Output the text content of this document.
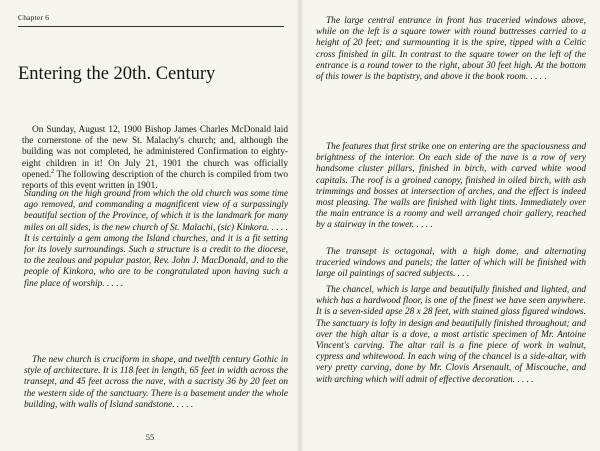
Chapter 6

Entering the 20th. Century

On Sunday, August 12, 1900 Bishop James Charles McDonald laid the cornerstone of the new St. Malachy's church; and, although the building was not completed, he administered Confirmation to eighty-eight children in it! On July 21, 1901 the church was officially opened.$^2$ The following description of the church is compiled from two reports of this event written in 1901.

Standing on the high ground from which the old church was some time ago removed, and commanding a magnificent view of a surpassingly beautiful section of the Province, of which it is the landmark for many miles on all sides, is the new church of St. Malachi, (sic) Kinkora. . . . . It is certainly a gem among the Island churches, and it is a fit setting for its lovely surroundings. Such a structure is a credit to the diocese, to the zealous and popular pastor, Rev. John J. MacDonald, and to the people of Kinkora, who are to be congratulated upon having such a fine place of worship. . . . .

The new church is cruciform in shape, and twelfth century Gothic in style of architecture. It is 118 feet in length, 65 feet in width across the transept, and 45 feet across the nave, with a sacristy 36 by 20 feet on the western side of the sanctuary. There is a basement under the whole building, with walls of Island sandstone. . . . .

55

The large central entrance in front has traceried windows above, while on the left is a square tower with round buttresses carried to a height of 20 feet; and surmounting it is the spire, tipped with a Celtic cross finished in gilt. In contrast to the square tower on the left of the entrance is a round tower to the right, about 30 feet high. At the bottom of this tower is the baptistry, and above it the book room. . . . .

The features that first strike one on entering are the spaciousness and brightness of the interior. On each side of the nave is a row of very handsome cluster pillars, finished in birch, with carved white wood capitals. The roof is a groined canopy, finished in oiled birch, with ash trimmings and bosses at intersection of arches, and the effect is indeed most pleasing. The walls are finished with light tints. Immediately over the main entrance is a roomy and well arranged choir gallery, reached by a stairway in the tower. . . . .

The transept is octagonal, with a high dome, and alternating traceried windows and panels; the latter of which will be finished with large oil paintings of sacred subjects. . . .

The chancel, which is large and beautifully finished and lighted, and which has a hardwood floor, is one of the finest we have seen anywhere. It is a seven-sided apse 28 x 28 feet, with stained glass figured windows. The sanctuary is lofty in design and beautifully finished throughout; and over the high altar is a dove, a most artistic specimen of Mr. Antoine Vincent's carving. The altar rail is a fine piece of work in walnut, cypress and whitewood. In each wing of the chancel is a side-altar, with very pretty carving, done by Mr. Clovis Arsenault, of Miscouche, and with arching which will admit of effective decoration. . . . .
